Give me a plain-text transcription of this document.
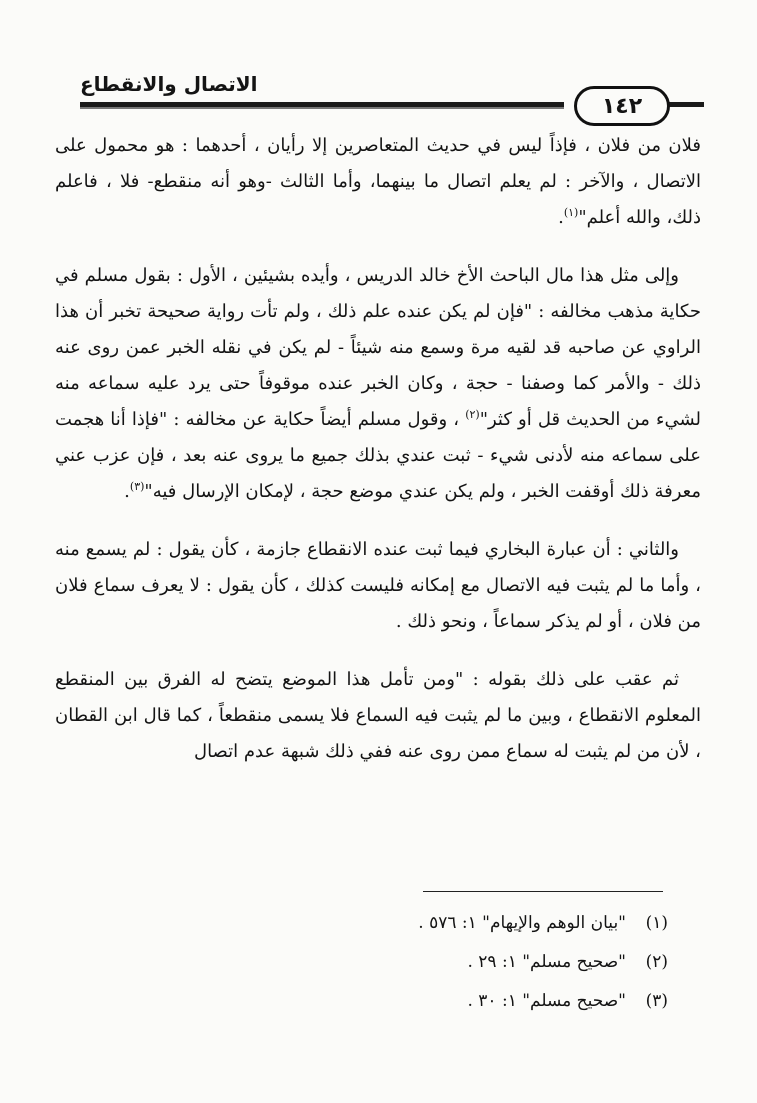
الاتصال والانقطاع
١٤٢

فلان من فلان ، فإذاً ليس في حديث المتعاصرين إلا رأيان ، أحدهما : هو محمول على الاتصال ، والآخر : لم يعلم اتصال ما بينهما، وأما الثالث -وهو أنه منقطع- فلا ، فاعلم ذلك، والله أعلم"$^{(١)}$.

وإلى مثل هذا مال الباحث الأخ خالد الدريس ، وأيده بشيئين ، الأول : بقول مسلم في حكاية مذهب مخالفه : "فإن لم يكن عنده علم ذلك ، ولم تأت رواية صحيحة تخبر أن هذا الراوي عن صاحبه قد لقيه مرة وسمع منه شيئاً - لم يكن في نقله الخبر عمن روى عنه ذلك - والأمر كما وصفنا - حجة ، وكان الخبر عنده موقوفاً حتى يرد عليه سماعه منه لشيء من الحديث قل أو كثر"$^{(٢)}$ ، وقول مسلم أيضاً حكاية عن مخالفه : "فإذا أنا هجمت على سماعه منه لأدنى شيء - ثبت عندي بذلك جميع ما يروى عنه بعد ، فإن عزب عني معرفة ذلك أوقفت الخبر ، ولم يكن عندي موضع حجة ، لإمكان الإرسال فيه"$^{(٣)}$.

والثاني : أن عبارة البخاري فيما ثبت عنده الانقطاع جازمة ، كأن يقول : لم يسمع منه ، وأما ما لم يثبت فيه الاتصال مع إمكانه فليست كذلك ، كأن يقول : لا يعرف سماع فلان من فلان ، أو لم يذكر سماعاً ، ونحو ذلك .

ثم عقب على ذلك بقوله : "ومن تأمل هذا الموضع يتضح له الفرق بين المنقطع المعلوم الانقطاع ، وبين ما لم يثبت فيه السماع فلا يسمى منقطعاً ، كما قال ابن القطان ، لأن من لم يثبت له سماع ممن روى عنه ففي ذلك شبهة عدم اتصال

(١)"بيان الوهم والإيهام" ١: ٥٧٦ .
(٢)"صحيح مسلم" ١: ٢٩ .
(٣)"صحيح مسلم" ١: ٣٠ .
